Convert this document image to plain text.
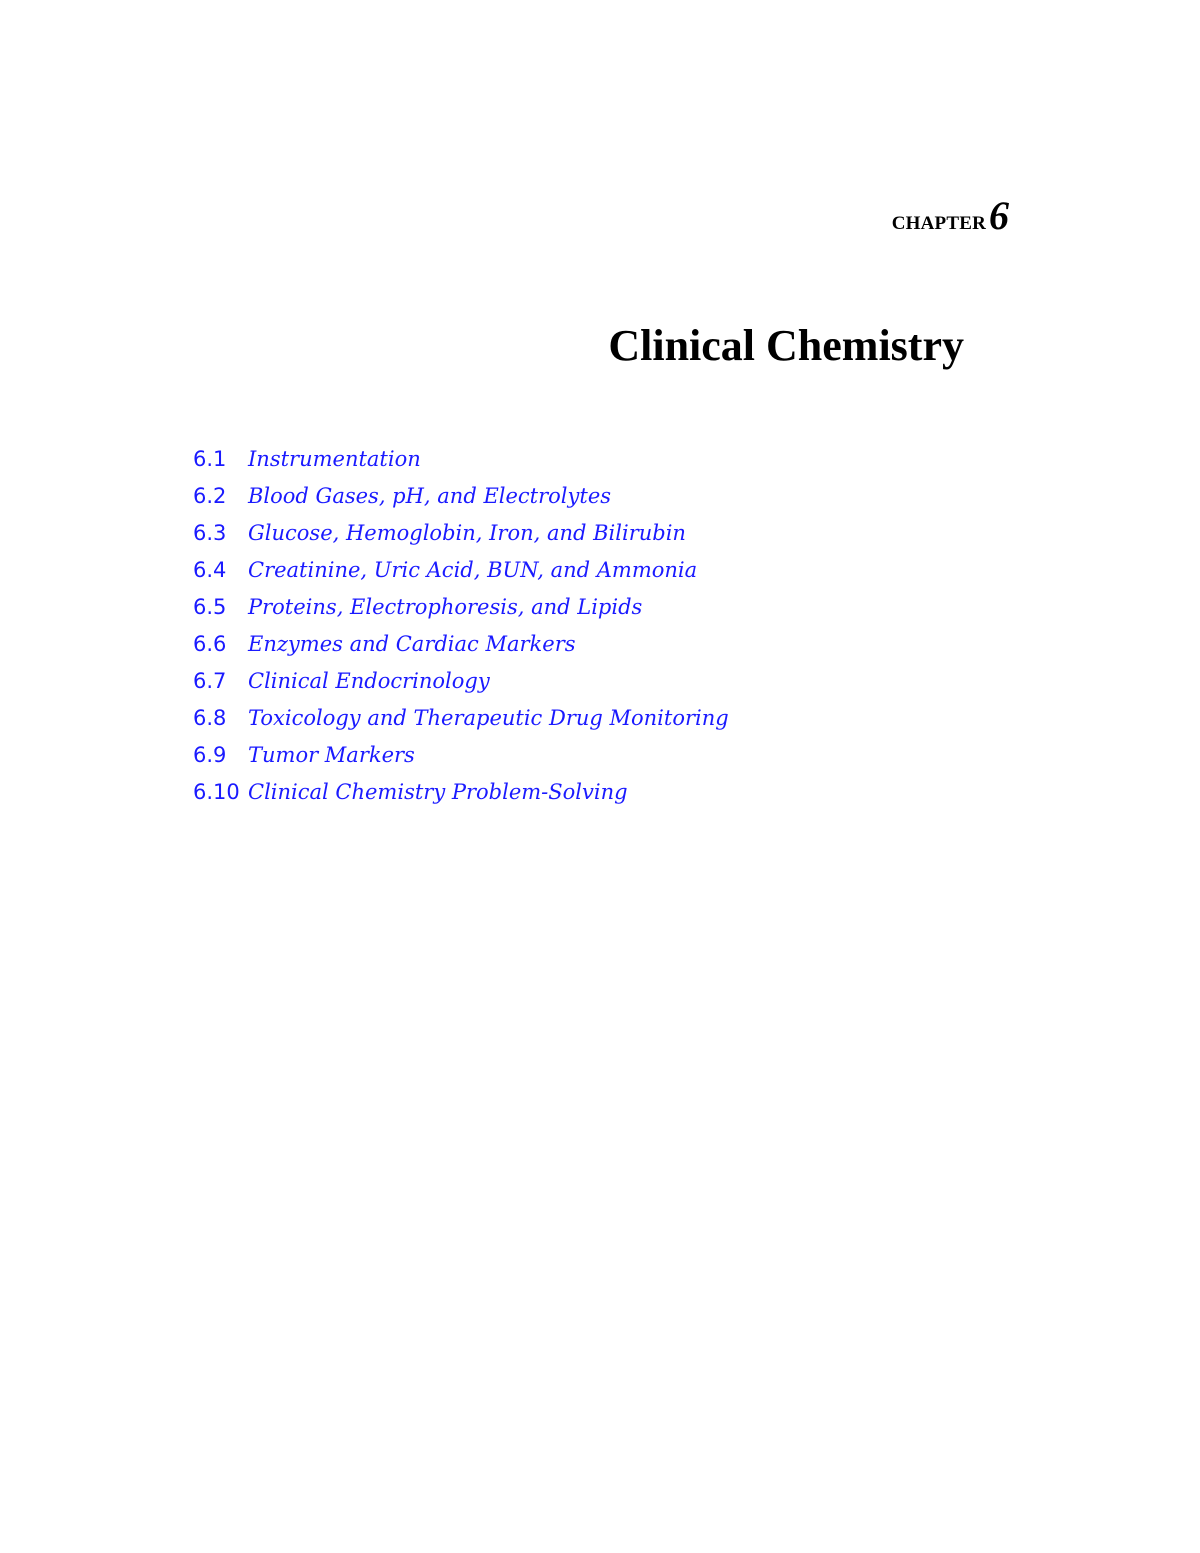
CHAPTER6
Clinical Chemistry
6.1 Instrumentation
6.2 Blood Gases, pH, and Electrolytes
6.3 Glucose, Hemoglobin, Iron, and Bilirubin
6.4 Creatinine, Uric Acid, BUN, and Ammonia
6.5 Proteins, Electrophoresis, and Lipids
6.6 Enzymes and Cardiac Markers
6.7 Clinical Endocrinology
6.8 Toxicology and Therapeutic Drug Monitoring
6.9 Tumor Markers
6.10 Clinical Chemistry Problem-Solving
